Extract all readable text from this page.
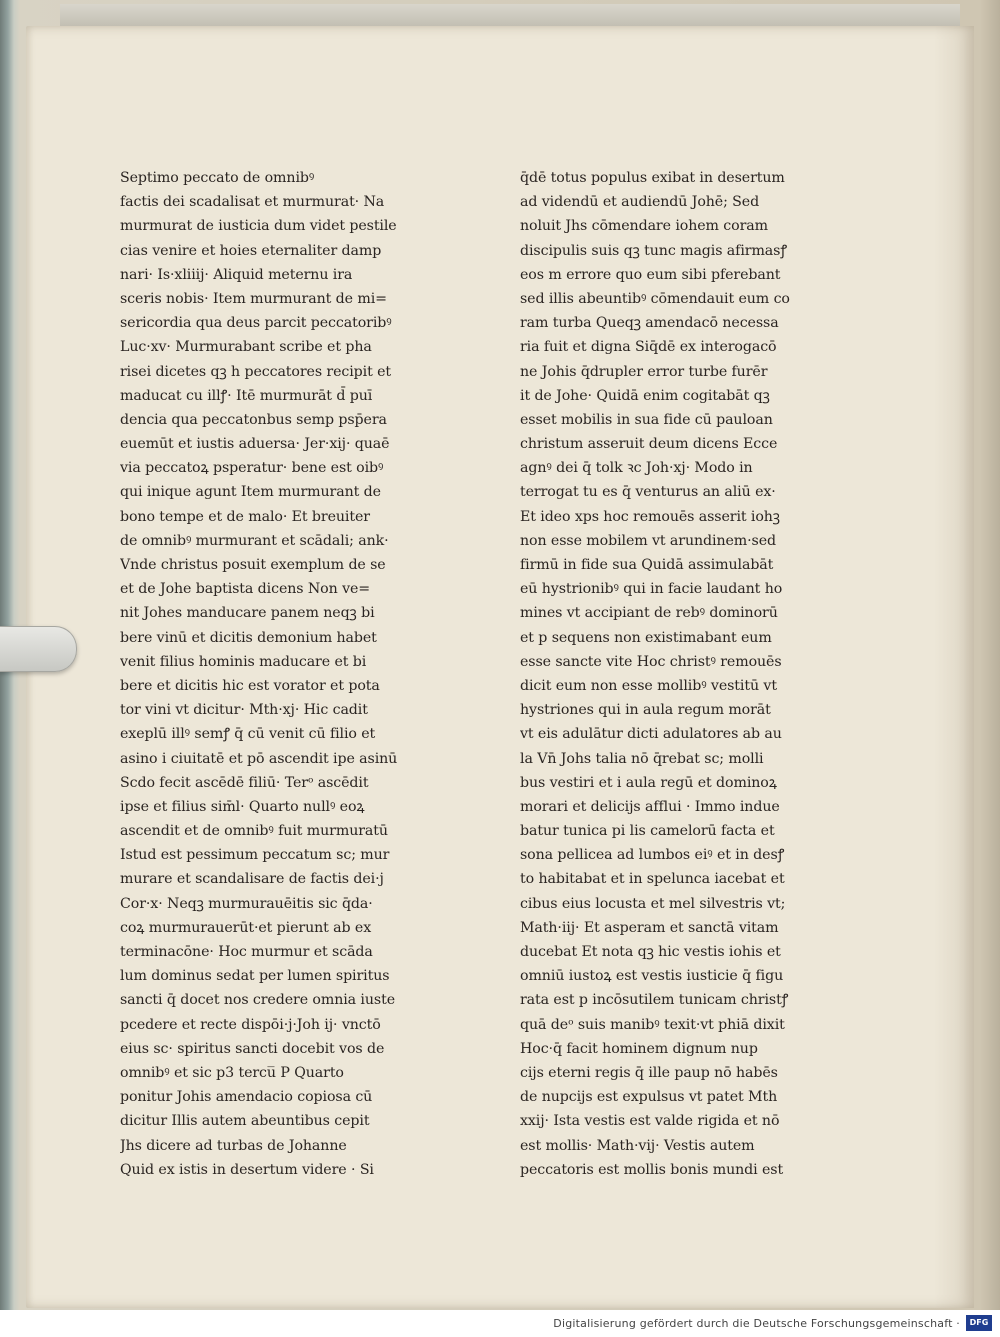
Septimo peccato de omnibꝰ
factis dei scadalisat et murmurat· Na
murmurat de iusticia dum videt pestile
cias venire et hoies eternaliter damp
nari· Is·xliiij· Aliquid meternu ira
sceris nobis· Item murmurant de mi=
sericordia qua deus parcit peccatoribꝰ
Luc·xv· Murmurabant scribe et pha
risei dicetes qꝫ h peccatores recipit et
maducat cu illꝭ· Itē murmurāt d̄ puī
dencia qua peccatonbus semp psp̄era
euemūt et iustis aduersa· Jer·xij· quaē
via peccatoꝝ psperatur· bene est oibꝰ
qui inique agunt Item murmurant de
bono tempe et de malo· Et breuiter
de omnibꝰ murmurant et scādali; ank·
Vnde christus posuit exemplum de se
et de Johe baptista dicens Non ve=
nit Johes manducare panem neqꝫ bi
bere vinū et dicitis demonium habet
venit filius hominis maducare et bi
bere et dicitis hic est vorator et pota
tor vini vt dicitur· Mth·xj· Hic cadit
exeplū illꝰ semꝭ q̄ cū venit cū filio et
asino i ciuitatē et pō ascendit ipe asinū
Scdo fecit ascēdē filiū· Terᵒ ascēdit
ipse et filius sim̄l· Quarto nullꝰ eoꝝ
ascendit et de omnibꝰ fuit murmuratū
Istud est pessimum peccatum sc; mur
murare et scandalisare de factis dei·j
Cor·x· Neqꝫ murmurauēitis sic q̄da·
coꝝ murmurauerūt·et pierunt ab ex
terminacōne· Hoc murmur et scāda
lum dominus sedat per lumen spiritus
sancti q̄ docet nos credere omnia iuste
pcedere et recte dispōi·j·Joh ij· vnctō
eius sc· spiritus sancti docebit vos de
omnibꝰ et sic p3 tercu̅ P Quarto
ponitur Johis amendacio copiosa cū
dicitur Illis autem abeuntibus cepit
Jhs dicere ad turbas de Johanne
Quid ex istis in desertum videre · Si
q̄dē totus populus exibat in desertum
ad videndū et audiendū Johē; Sed
noluit Jhs cōmendare iohem coram
discipulis suis qꝫ tunc magis afirmasꝭ
eos m errore quo eum sibi pferebant
sed illis abeuntibꝰ cōmendauit eum co
ram turba Queqꝫ amendacō necessa
ria fuit et digna Siq̄dē ex interogacō
ne Johis q̄drupler error turbe furēr
it de Johe· Quidā enim cogitabāt qꝫ
esset mobilis in sua fide cū pauloan
christum asseruit deum dicens Ecce
agnꝰ dei q̄ tolk ꝛc Joh·xj· Modo in
terrogat tu es q̄ venturus an aliū ex·
Et ideo xps hoc remouēs asserit iohꝫ
non esse mobilem vt arundinem·sed
firmū in fide sua Quidā assimulabāt
eū hystrionibꝰ qui in facie laudant ho
mines vt accipiant de rebꝰ dominorū
et p sequens non existimabant eum
esse sancte vite Hoc christꝰ remouēs
dicit eum non esse mollibꝰ vestitū vt
hystriones qui in aula regum morāt
vt eis adulātur dicti adulatores ab au
la Vn̄ Johs talia nō q̄rebat sc; molli
bus vestiri et i aula regū et dominoꝝ
morari et delicijs afflui · Immo indue
batur tunica pi lis camelorū facta et
sona pellicea ad lumbos eiꝰ et in desꝭ
to habitabat et in spelunca iacebat et
cibus eius locusta et mel silvestris vt;
Math·iij· Et asperam et sanctā vitam
ducebat Et nota qꝫ hic vestis iohis et
omniū iustoꝝ est vestis iusticie q̄ figu
rata est p incōsutilem tunicam christꝭ
quā deᵒ suis manibꝰ texit·vt phiā dixit
Hoc·q̄ facit hominem dignum nup
cijs eterni regis q̄ ille paup nō habēs
de nupcijs est expulsus vt patet Mth
xxij· Ista vestis est valde rigida et nō
est mollis· Math·vij· Vestis autem
peccatoris est mollis bonis mundi est
Digitalisierung gefördert durch die Deutsche Forschungsgemeinschaft ·	DFG
